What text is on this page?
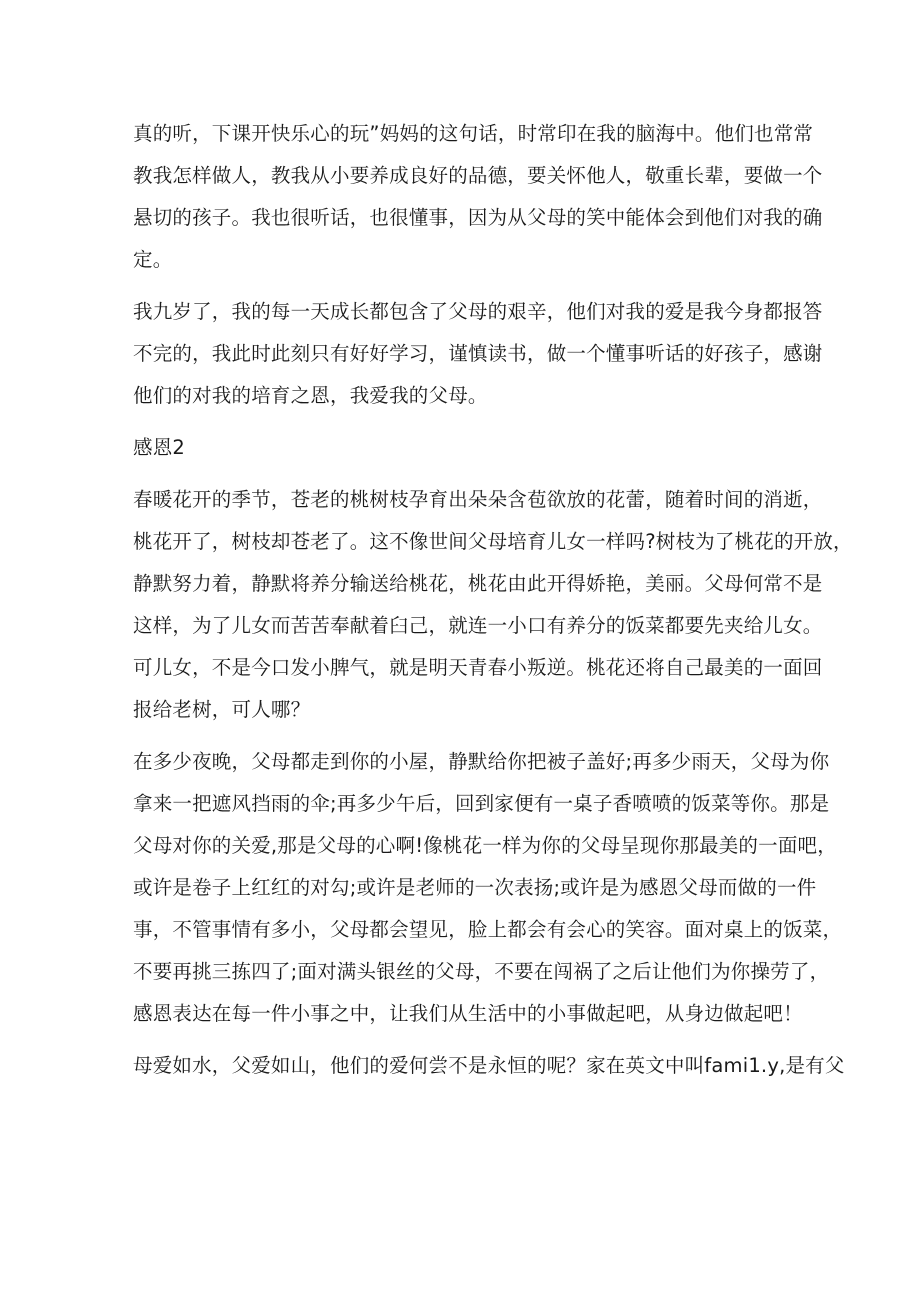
真的听，下课开快乐心的玩”妈妈的这句话，时常印在我的脑海中。他们也常常
教我怎样做人，教我从小要养成良好的品德，要关怀他人，敬重长辈，要做一个
悬切的孩子。我也很听话，也很懂事，因为从父母的笑中能体会到他们对我的确
定。
我九岁了，我的每一天成长都包含了父母的艰辛，他们对我的爱是我今身都报答
不完的，我此时此刻只有好好学习，谨慎读书，做一个懂事听话的好孩子，感谢
他们的对我的培育之恩，我爱我的父母。
感恩2
春暖花开的季节，苍老的桃树枝孕育出朵朵含苞欲放的花蕾，随着时间的消逝，
桃花开了，树枝却苍老了。这不像世间父母培育儿女一样吗?树枝为了桃花的开放，
静默努力着，静默将养分输送给桃花，桃花由此开得娇艳，美丽。父母何常不是
这样，为了儿女而苦苦奉献着臼己，就连一小口有养分的饭菜都要先夹给儿女。
可儿女，不是今口发小脾气，就是明天青春小叛逆。桃花还将自己最美的一面回
报给老树，可人哪？
在多少夜晚，父母都走到你的小屋，静默给你把被子盖好;再多少雨天，父母为你
拿来一把遮风挡雨的伞;再多少午后，回到家便有一桌子香喷喷的饭菜等你。那是
父母对你的关爱,那是父母的心啊!像桃花一样为你的父母呈现你那最美的一面吧，
或许是卷子上红红的对勾;或许是老师的一次表扬;或许是为感恩父母而做的一件
事，不管事情有多小，父母都会望见，脸上都会有会心的笑容。面对桌上的饭菜，
不要再挑三拣四了;面对满头银丝的父母，不要在闯祸了之后让他们为你操劳了，
感恩表达在每一件小事之中，让我们从生活中的小事做起吧，从身边做起吧！
母爱如水，父爱如山，他们的爱何尝不是永恒的呢？家在英文中叫fami1.y,是有父
